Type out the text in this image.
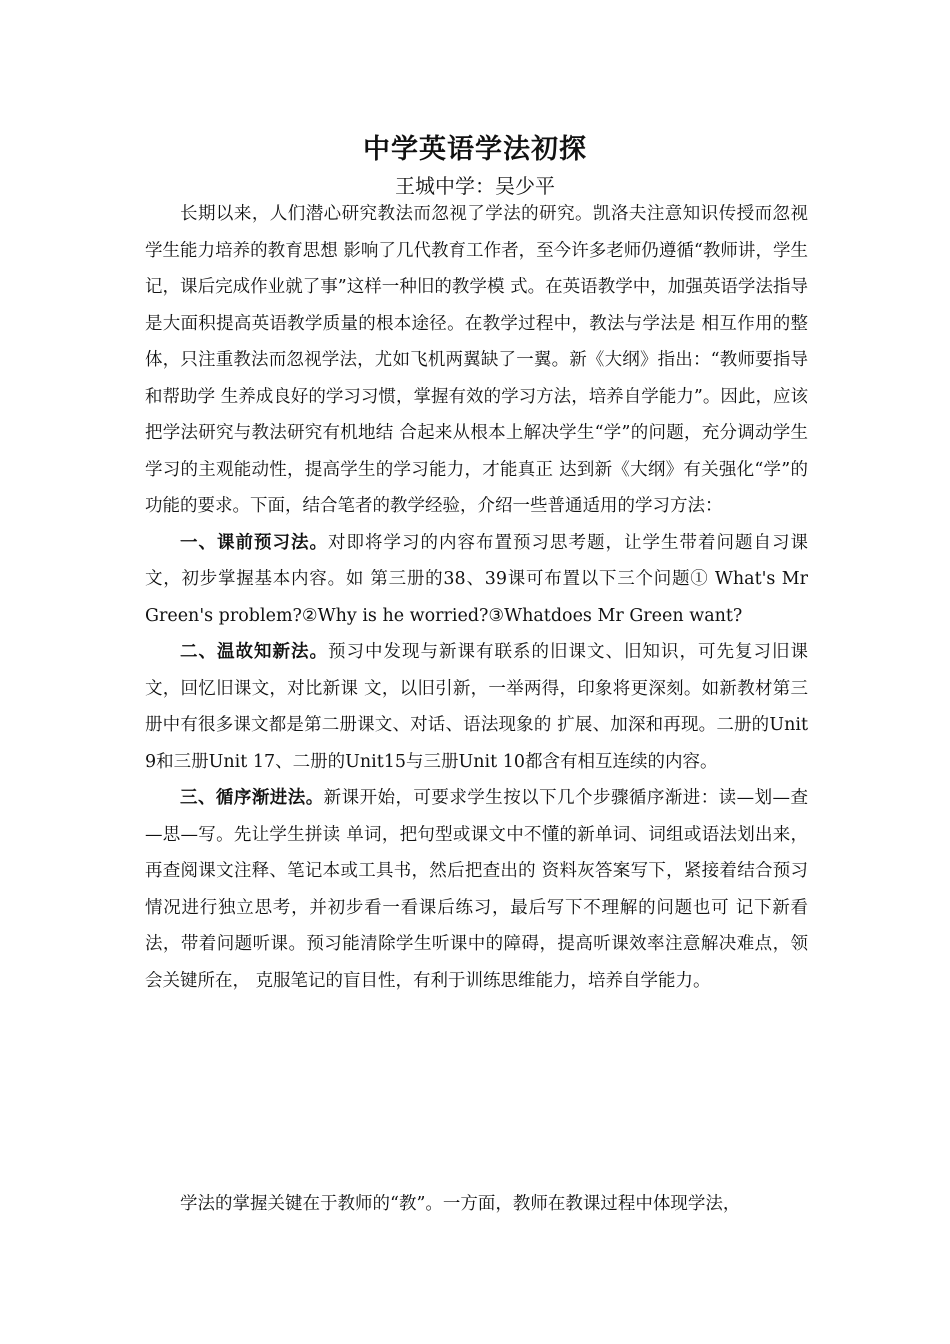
中学英语学法初探
王城中学：吴少平

长期以来，人们潜心研究教法而忽视了学法的研究。凯洛夫注意知识传授而忽视学生能力培养的教育思想 影响了几代教育工作者，至今许多老师仍遵循“教师讲，学生记，课后完成作业就了事”这样一种旧的教学模 式。在英语教学中，加强英语学法指导是大面积提高英语教学质量的根本途径。在教学过程中，教法与学法是 相互作用的整体，只注重教法而忽视学法，尤如飞机两翼缺了一翼。新《大纲》指出：“教师要指导和帮助学 生养成良好的学习习惯，掌握有效的学习方法，培养自学能力”。因此，应该把学法研究与教法研究有机地结 合起来从根本上解决学生“学”的问题，充分调动学生学习的主观能动性，提高学生的学习能力，才能真正 达到新《大纲》有关强化“学”的功能的要求。下面，结合笔者的教学经验，介绍一些普通适用的学习方法：

一、课前预习法。对即将学习的内容布置预习思考题，让学生带着问题自习课文，初步掌握基本内容。如 第三册的38、39课可布置以下三个问题① What's Mr Green's problem?②Why is he worried?③Whatdoes Mr Green want?

二、温故知新法。预习中发现与新课有联系的旧课文、旧知识，可先复习旧课文，回忆旧课文，对比新课 文，以旧引新，一举两得，印象将更深刻。如新教材第三册中有很多课文都是第二册课文、对话、语法现象的 扩展、加深和再现。二册的Unit 9和三册Unit 17、二册的Unit15与三册Unit 10都含有相互连续的内容。

三、循序渐进法。新课开始，可要求学生按以下几个步骤循序渐进：读—划—查—思—写。先让学生拼读 单词，把句型或课文中不懂的新单词、词组或语法划出来，再查阅课文注释、笔记本或工具书，然后把查出的 资料灰答案写下，紧接着结合预习情况进行独立思考，并初步看一看课后练习，最后写下不理解的问题也可 记下新看法，带着问题听课。预习能清除学生听课中的障碍，提高听课效率注意解决难点，领会关键所在， 克服笔记的盲目性，有利于训练思维能力，培养自学能力。

学法的掌握关键在于教师的“教”。一方面，教师在教课过程中体现学法，
